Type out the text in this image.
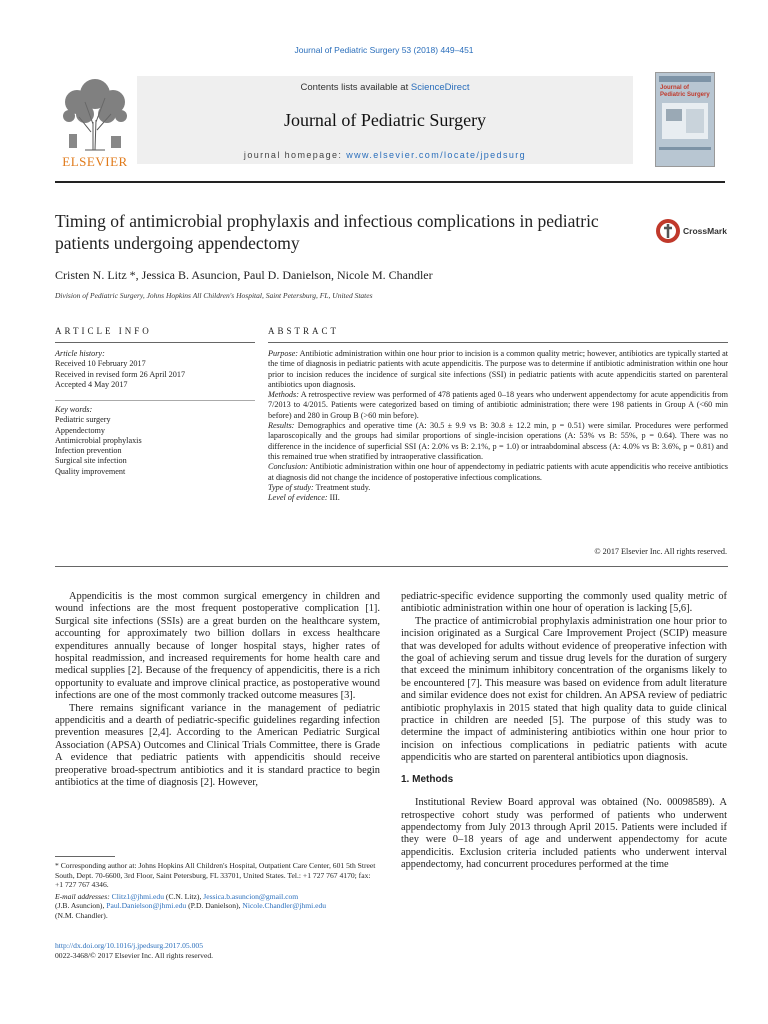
Journal of Pediatric Surgery 53 (2018) 449–451
ELSEVIER
Contents lists available at ScienceDirect
Journal of Pediatric Surgery
journal homepage: www.elsevier.com/locate/jpedsurg
Journal of
Pediatric Surgery
Timing of antimicrobial prophylaxis and infectious complications in pediatric patients undergoing appendectomy
CrossMark
Cristen N. Litz *, Jessica B. Asuncion, Paul D. Danielson, Nicole M. Chandler
Division of Pediatric Surgery, Johns Hopkins All Children's Hospital, Saint Petersburg, FL, United States
ARTICLE INFO	ABSTRACT
Article history:
Received 10 February 2017
Received in revised form 26 April 2017
Accepted 4 May 2017
Key words:
Pediatric surgery
Appendectomy
Antimicrobial prophylaxis
Infection prevention
Surgical site infection
Quality improvement

Purpose: Antibiotic administration within one hour prior to incision is a common quality metric; however, antibiotics are typically started at the time of diagnosis in pediatric patients with acute appendicitis. The purpose was to determine if antibiotic administration within one hour prior to incision reduces the incidence of surgical site infections (SSI) in pediatric patients with acute appendicitis started on parenteral antibiotics upon diagnosis.

Methods: A retrospective review was performed of 478 patients aged 0–18 years who underwent appendectomy for acute appendicitis from 7/2013 to 4/2015. Patients were categorized based on timing of antibiotic administration; there were 198 patients in Group A (<60 min before) and 280 in Group B (>60 min before).

Results: Demographics and operative time (A: 30.5 ± 9.9 vs B: 30.8 ± 12.2 min, p = 0.51) were similar. Procedures were performed laparoscopically and the groups had similar proportions of single-incision operations (A: 53% vs B: 55%, p = 0.64). There was no difference in the incidence of superficial SSI (A: 2.0% vs B: 2.1%, p = 1.0) or intraabdominal abscess (A: 4.0% vs B: 3.6%, p = 0.81) and this remained true when stratified by intraoperative classification.

Conclusion: Antibiotic administration within one hour of appendectomy in pediatric patients with acute appendicitis who receive antibiotics at diagnosis did not change the incidence of postoperative infectious complications.

Type of study: Treatment study.

Level of evidence: III.

© 2017 Elsevier Inc. All rights reserved.

Appendicitis is the most common surgical emergency in children and wound infections are the most frequent postoperative complication [1]. Surgical site infections (SSIs) are a great burden on the healthcare system, accounting for approximately two billion dollars in excess healthcare expenditures annually because of longer hospital stays, higher rates of hospital readmission, and increased requirements for home health care and medical supplies [2]. Because of the frequency of appendicitis, there is a rich opportunity to evaluate and improve clinical practice, as postoperative wound infections are one of the most commonly tracked outcome measures [3].

There remains significant variance in the management of pediatric appendicitis and a dearth of pediatric-specific guidelines regarding infection prevention measures [2,4]. According to the American Pediatric Surgical Association (APSA) Outcomes and Clinical Trials Committee, there is Grade A evidence that pediatric patients with appendicitis should receive preoperative broad-spectrum antibiotics and it is standard practice to begin antibiotics at the time of diagnosis [2]. However,

pediatric-specific evidence supporting the commonly used quality metric of antibiotic administration within one hour of operation is lacking [5,6].

The practice of antimicrobial prophylaxis administration one hour prior to incision originated as a Surgical Care Improvement Project (SCIP) measure that was developed for adults without evidence of preoperative infection with the goal of achieving serum and tissue drug levels for the duration of surgery that exceed the minimum inhibitory concentration of the organisms likely to be encountered [7]. This measure was based on evidence from adult literature and similar evidence does not exist for children. An APSA review of pediatric antibiotic prophylaxis in 2015 stated that high quality data to guide clinical practice in children are needed [5]. The purpose of this study was to determine the impact of administering antibiotics within one hour prior to incision on infectious complications in pediatric patients with acute appendicitis who are started on parenteral antibiotics upon diagnosis.

1. Methods

Institutional Review Board approval was obtained (No. 00098589). A retrospective cohort study was performed of patients who underwent appendectomy from July 2013 through April 2015. Patients were included if they were 0–18 years of age and underwent appendectomy for acute appendicitis. Exclusion criteria included patients who underwent interval appendectomy, had concurrent procedures performed at the time

* Corresponding author at: Johns Hopkins All Children's Hospital, Outpatient Care Center, 601 5th Street South, Dept. 70-6600, 3rd Floor, Saint Petersburg, FL 33701, United States. Tel.: +1 727 767 4170; fax: +1 727 767 4346.

E-mail addresses: Clitz1@jhmi.edu (C.N. Litz), Jessica.b.asuncion@gmail.com
(J.B. Asuncion), Paul.Danielson@jhmi.edu (P.D. Danielson), Nicole.Chandler@jhmi.edu
(N.M. Chandler).

http://dx.doi.org/10.1016/j.jpedsurg.2017.05.005
0022-3468/© 2017 Elsevier Inc. All rights reserved.
